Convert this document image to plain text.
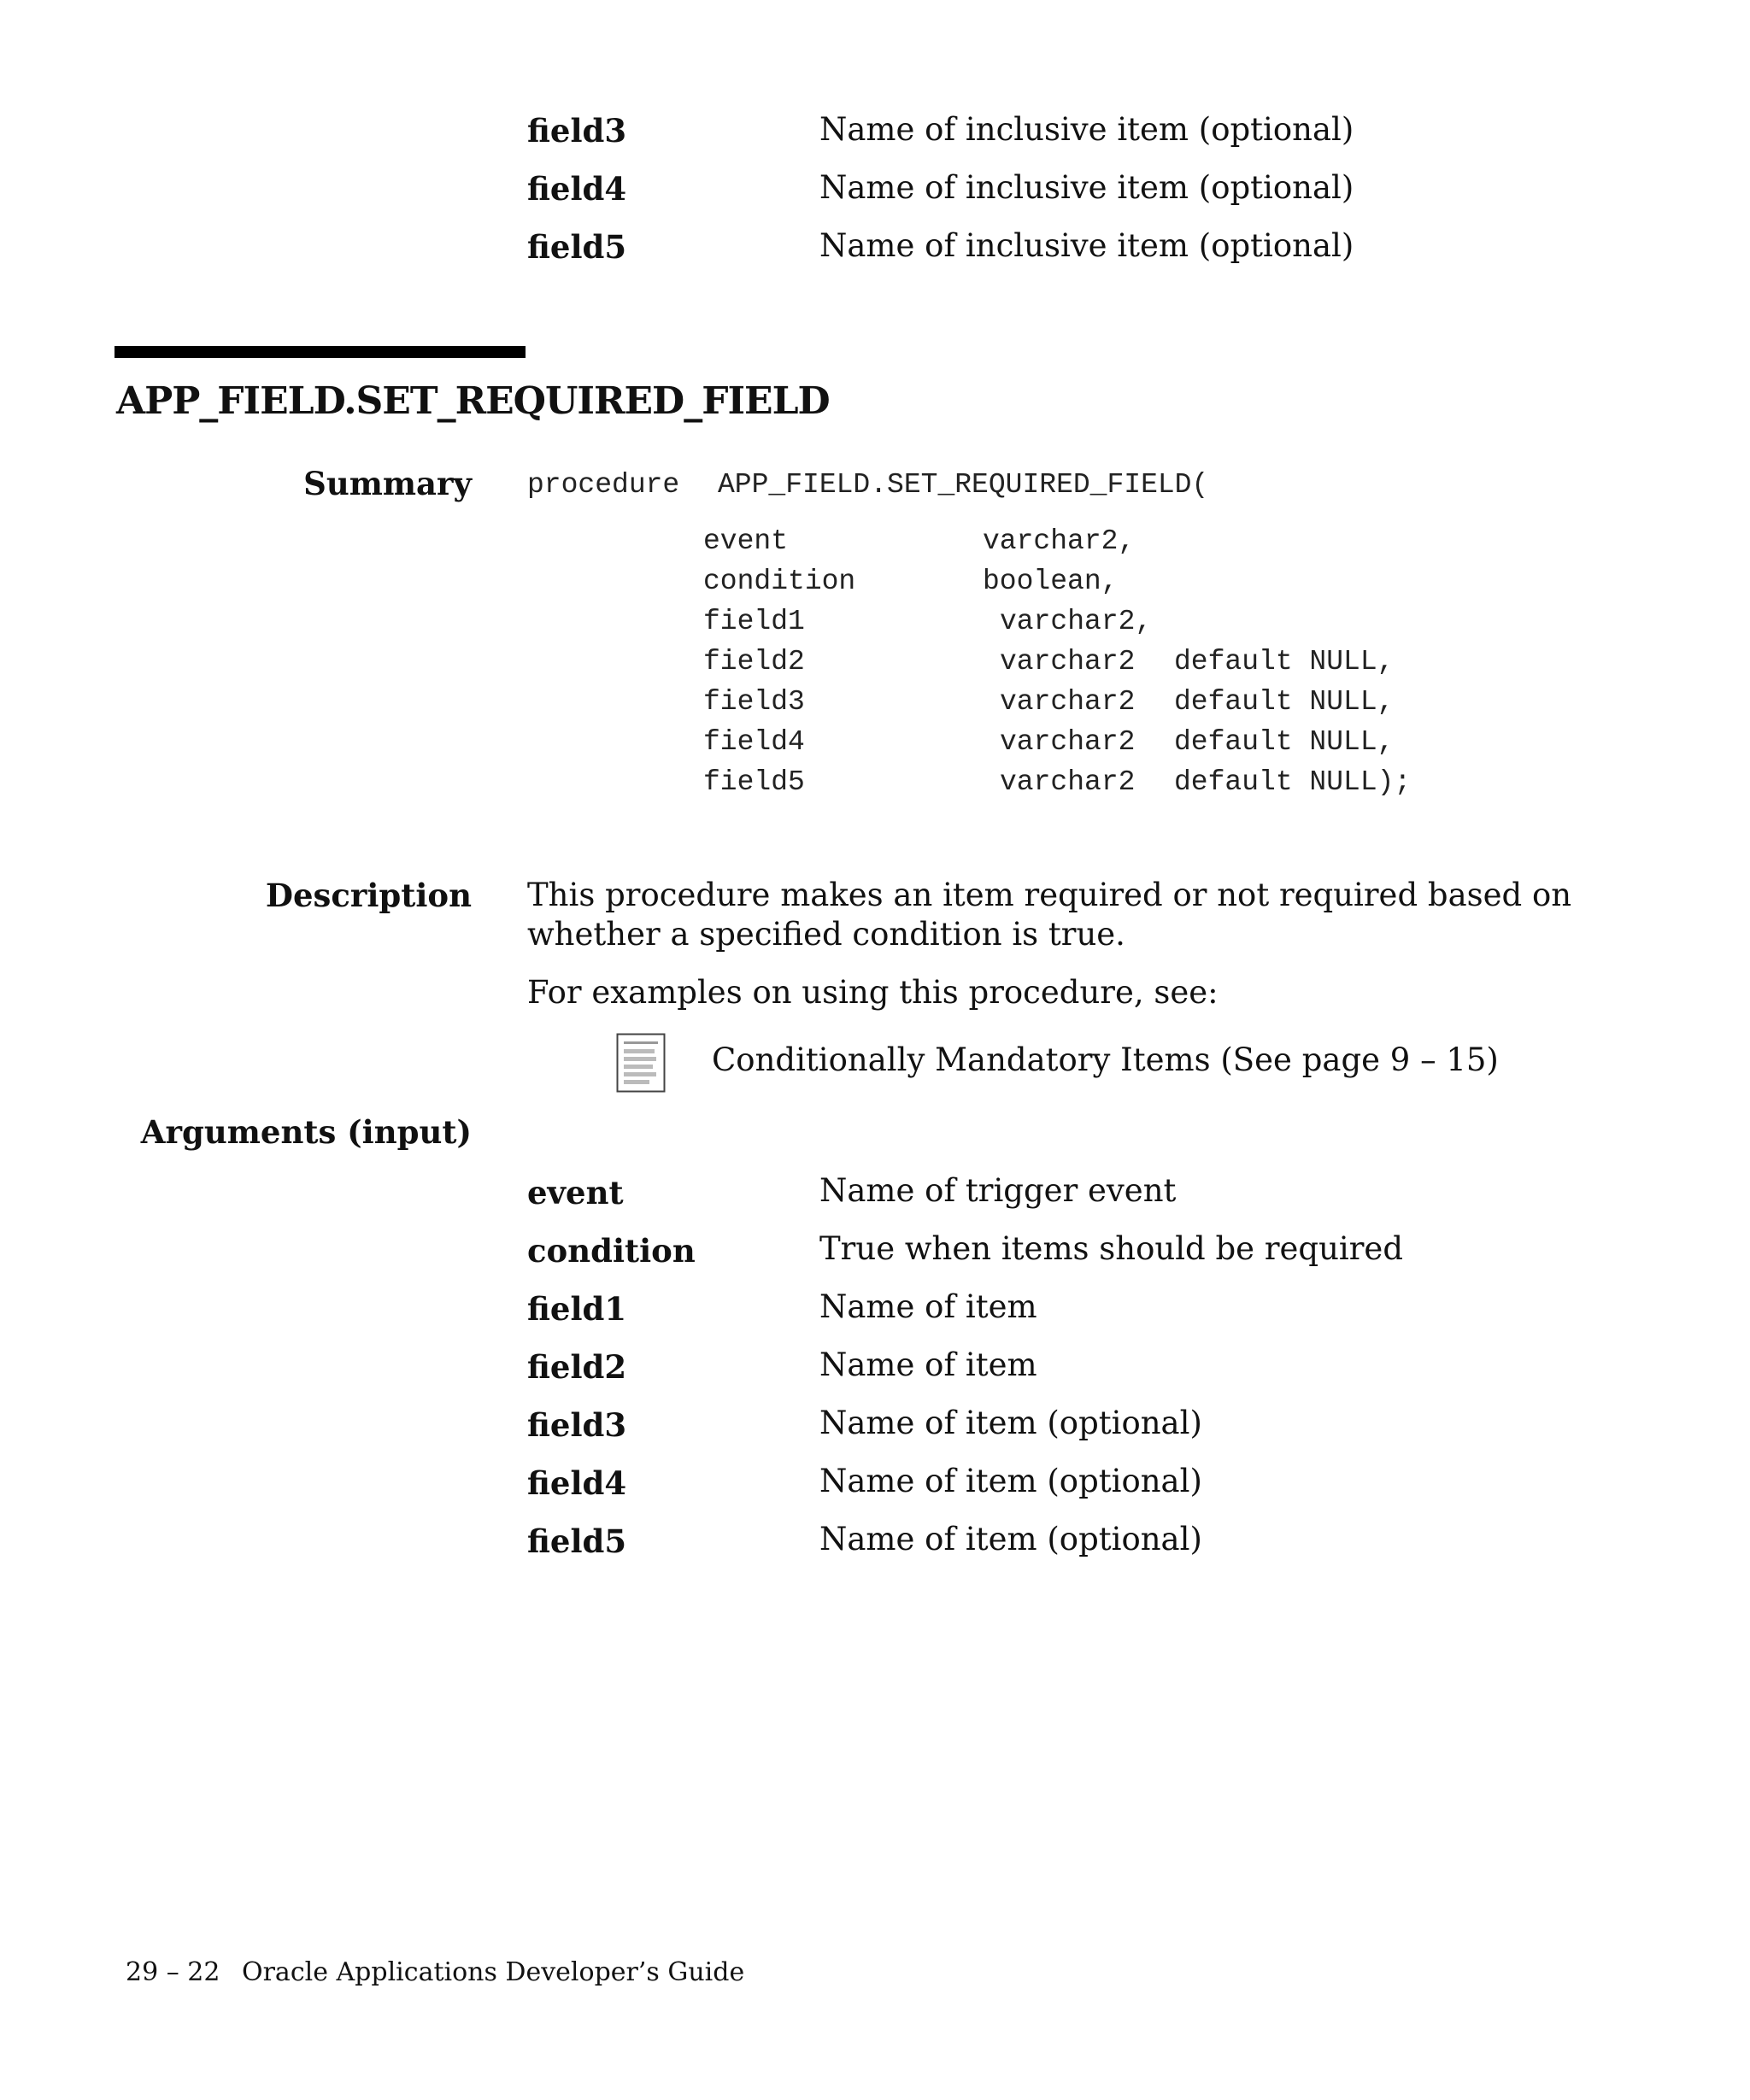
field3	Name of inclusive item (optional)
field4	Name of inclusive item (optional)
field5	Name of inclusive item (optional)
APP_FIELD.SET_REQUIRED_FIELD
Summary procedure APP_FIELD.SET_REQUIRED_FIELD(
event	varchar2,
condition	boolean,
field1	varchar2,
field2	varchar2 default NULL,
field3	varchar2 default NULL,
field4	varchar2 default NULL,
field5	varchar2 default NULL);
Description This procedure makes an item required or not required based on
whether a specified condition is true.
For examples on using this procedure, see:
Conditionally Mandatory Items (See page 9 – 15)
Arguments (input)
event	Name of trigger event
condition	True when items should be required
field1	Name of item
field2	Name of item
field3	Name of item (optional)
field4	Name of item (optional)
field5	Name of item (optional)
29 – 22 Oracle Applications Developer’s Guide
